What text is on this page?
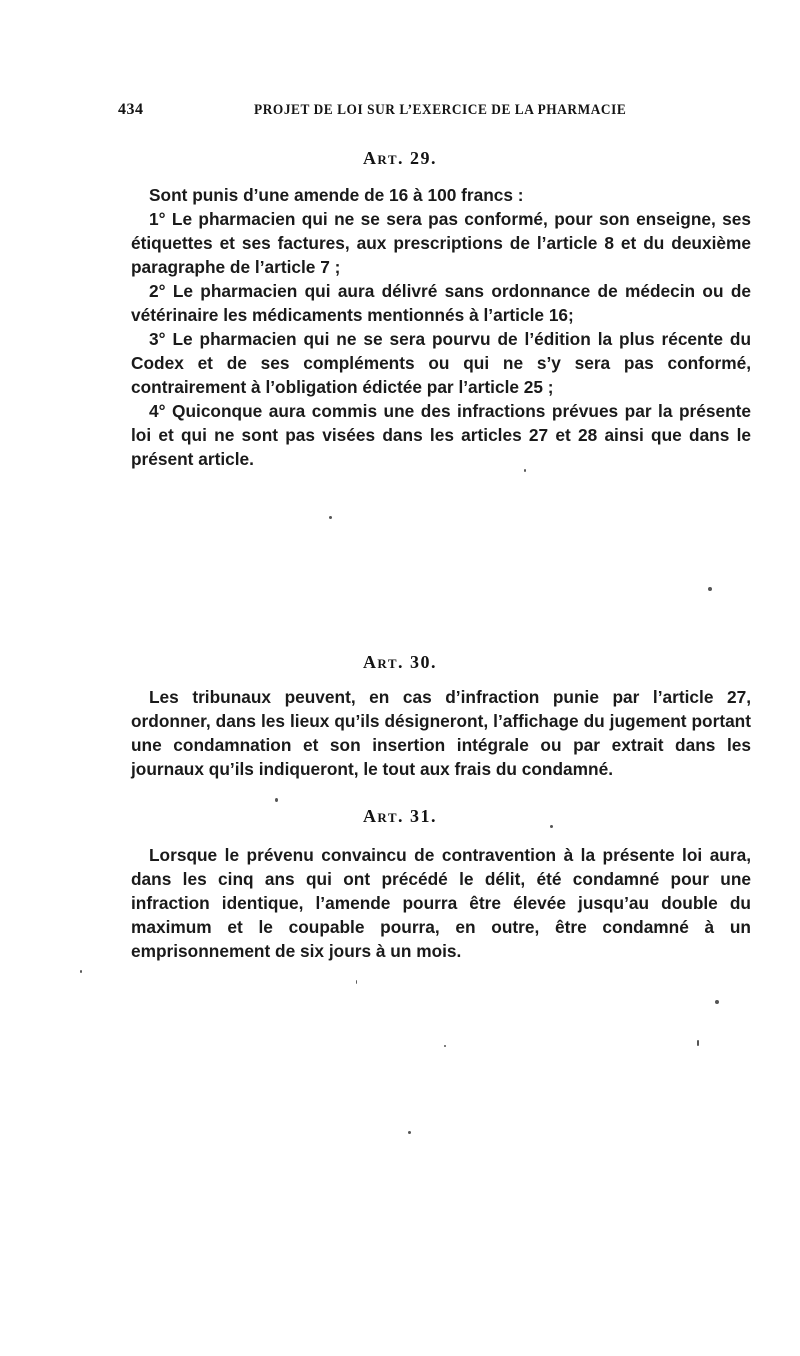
434	PROJET DE LOI SUR L’EXERCICE DE LA PHARMACIE
Art. 29.

Sont punis d’une amende de 16 à 100 francs :

1° Le pharmacien qui ne se sera pas conformé, pour son enseigne, ses étiquettes et ses factures, aux prescriptions de l’article 8 et du deuxième paragraphe de l’article 7 ;

2° Le pharmacien qui aura délivré sans ordonnance de médecin ou de vétérinaire les médicaments mentionnés à l’article 16;

3° Le pharmacien qui ne se sera pourvu de l’édition la plus récente du Codex et de ses compléments ou qui ne s’y sera pas conformé, contrairement à l’obligation édictée par l’article 25 ;

4° Quiconque aura commis une des infractions prévues par la présente loi et qui ne sont pas visées dans les articles 27 et 28 ainsi que dans le présent article.

Art. 30.

Les tribunaux peuvent, en cas d’infraction punie par l’article 27, ordonner, dans les lieux qu’ils désigneront, l’affichage du jugement portant une condamnation et son insertion intégrale ou par extrait dans les journaux qu’ils indiqueront, le tout aux frais du condamné.

Art. 31.

Lorsque le prévenu convaincu de contravention à la présente loi aura, dans les cinq ans qui ont précédé le délit, été condamné pour une infraction identique, l’amende pourra être élevée jusqu’au double du maximum et le coupable pourra, en outre, être condamné à un emprisonnement de six jours à un mois.
